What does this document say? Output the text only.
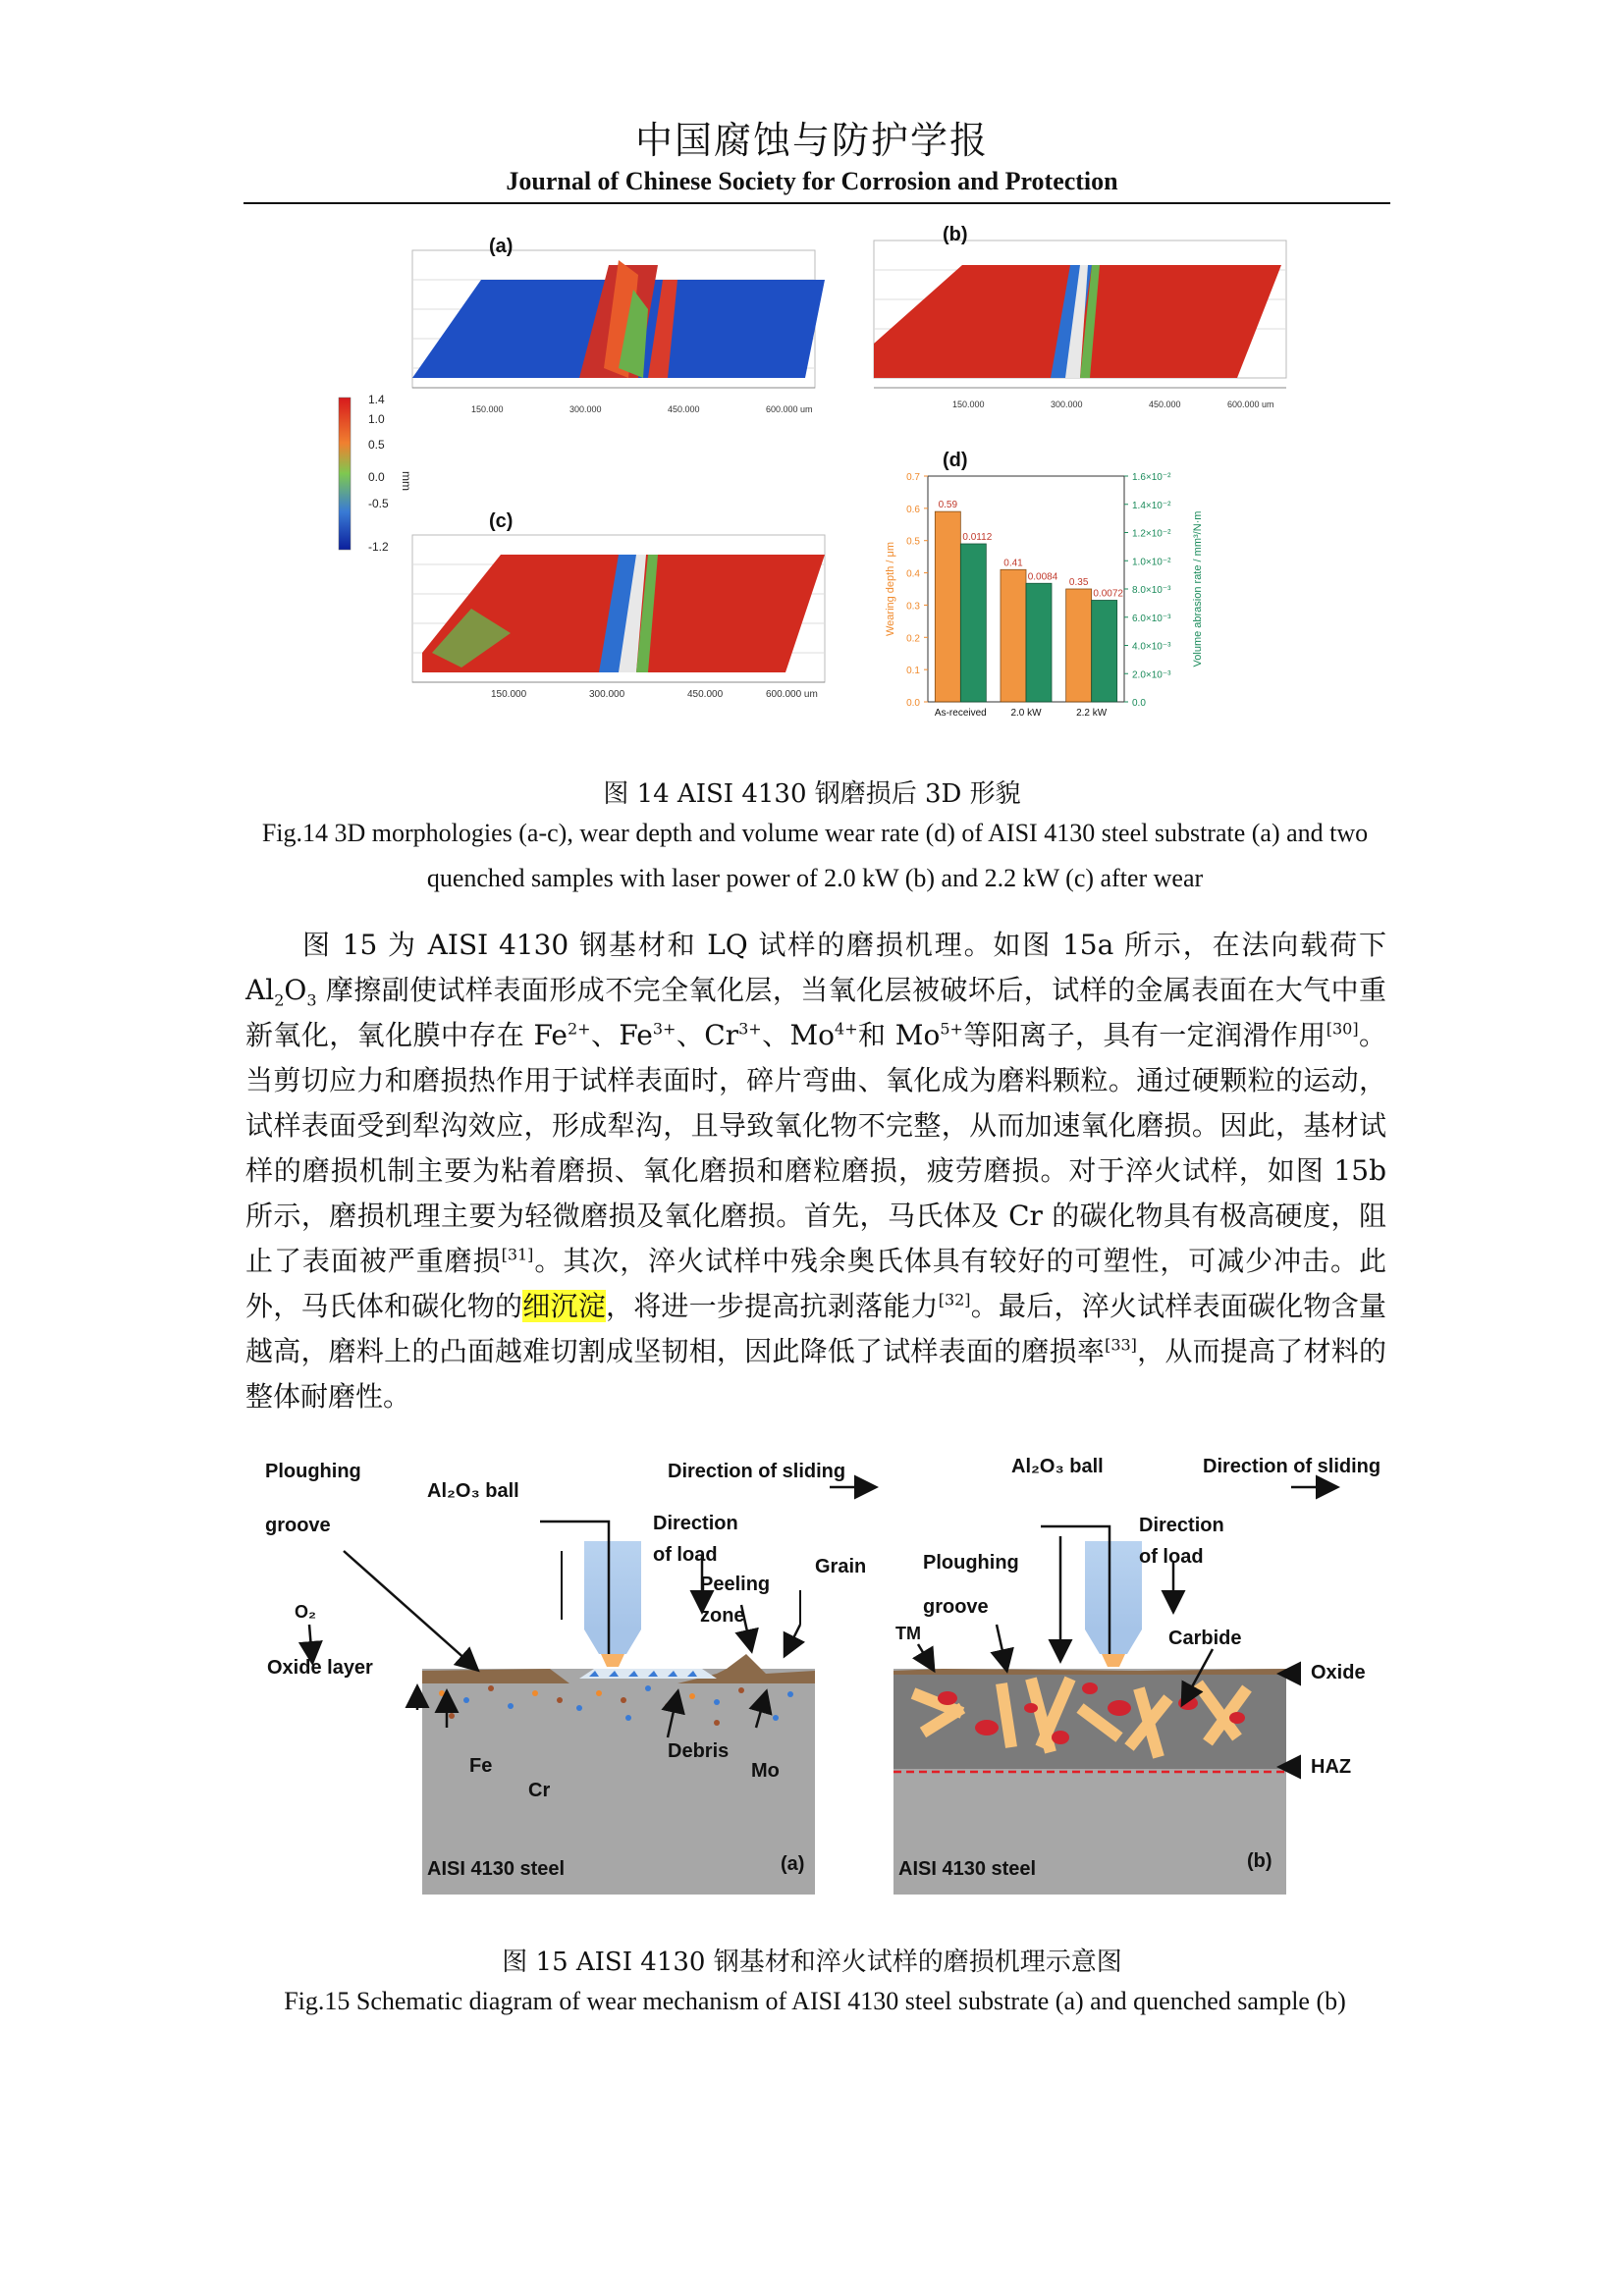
中国腐蚀与防护学报
Journal of Chinese Society for Corrosion and Protection
150.000	300.000	450.000	600.000 um
(a)
150.000	300.000	450.000	600.000 um
(b)
1.4
1.0
0.5
0.0
-0.5
-1.2
mm
150.000	300.000	450.000	600.000 um
(c)
(d)
0.0
0.1
0.2
0.3
0.4
0.5
0.6
0.7
0.0
2.0×10⁻³
4.0×10⁻³
6.0×10⁻³
8.0×10⁻³
1.0×10⁻²
1.2×10⁻²
1.4×10⁻²
1.6×10⁻²
Wearing depth / μm	Volume abrasion rate / mm³/N·m
0.59
0.0112
As-received
0.41
0.0084
2.0 kW
0.35
0.0072
2.2 kW
图 14 AISI 4130 钢磨损后 3D 形貌
Fig.14 3D morphologies (a-c), wear depth and volume wear rate (d) of AISI 4130 steel substrate (a) and two quenched samples with laser power of 2.0 kW (b) and 2.2 kW (c) after wear
图 15 为 AISI 4130 钢基材和 LQ 试样的磨损机理。如图 15a 所示，在法向载荷下 $Al_2O_3$ 摩擦副使试样表面形成不完全氧化层，当氧化层被破坏后，试样的金属表面在大气中重新氧化，氧化膜中存在 $Fe^{2+}$、$Fe^{3+}$、$Cr^{3+}$、$Mo^{4+}$和 $Mo^{5+}$等阳离子，具有一定润滑作用[30]。当剪切应力和磨损热作用于试样表面时，碎片弯曲、氧化成为磨料颗粒。通过硬颗粒的运动，试样表面受到犁沟效应，形成犁沟，且导致氧化物不完整，从而加速氧化磨损。因此，基材试样的磨损机制主要为粘着磨损、氧化磨损和磨粒磨损，疲劳磨损。对于淬火试样，如图 15b 所示，磨损机理主要为轻微磨损及氧化磨损。首先，马氏体及 Cr 的碳化物具有极高硬度，阻止了表面被严重磨损[31]。其次，淬火试样中残余奥氏体具有较好的可塑性，可减少冲击。此外，马氏体和碳化物的细沉淀，将进一步提高抗剥落能力[32]。最后，淬火试样表面碳化物含量越高，磨料上的凸面越难切割成坚韧相，因此降低了试样表面的磨损率[33]，从而提高了材料的整体耐磨性。
Ploughing
groove
Al₂O₃ ball
Direction of sliding
Direction
of load
Grain
Peeling
zone
O₂
Oxide layer
Fe
Cr
Debris
Mo
AISI 4130 steel	(a)
Al₂O₃ ball	Direction of sliding
Direction
of load
Ploughing
groove
TM	Carbide
Oxide
HAZ
AISI 4130 steel	(b)
图 15 AISI 4130 钢基材和淬火试样的磨损机理示意图
Fig.15 Schematic diagram of wear mechanism of AISI 4130 steel substrate (a) and quenched sample (b)
